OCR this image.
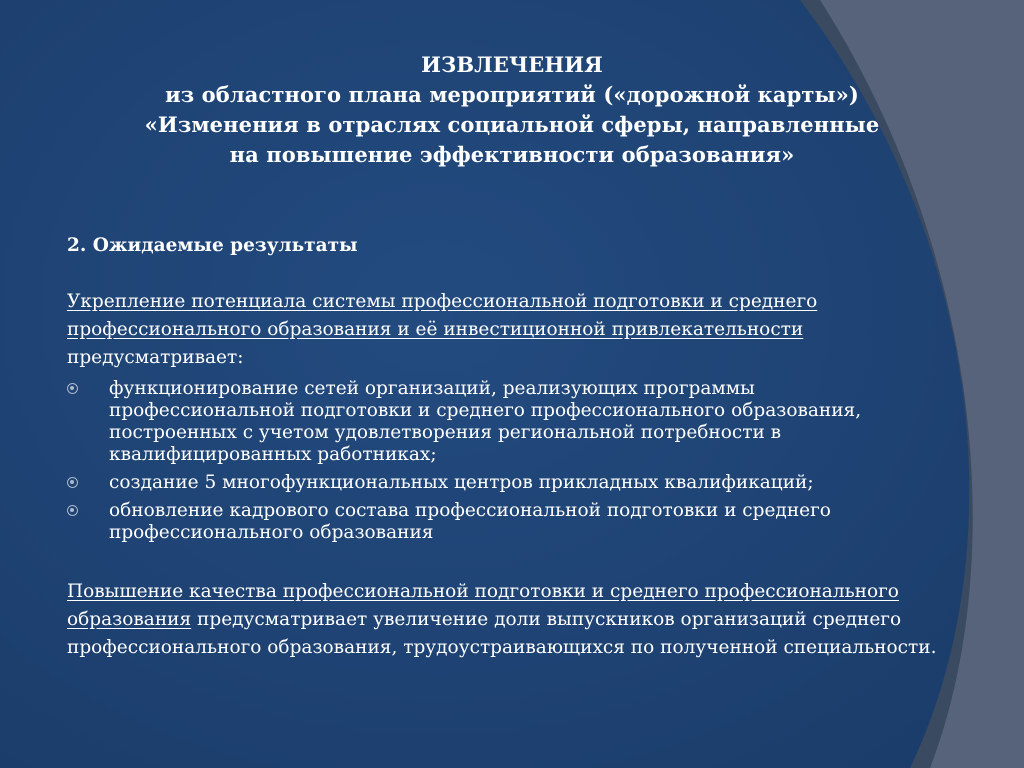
ИЗВЛЕЧЕНИЯ
из областного плана мероприятий («дорожной карты»)
«Изменения в отраслях социальной сферы, направленные
на повышение эффективности образования»

2. Ожидаемые результаты

Укрепление потенциала системы профессиональной подготовки и среднего профессионального образования и её инвестиционной привлекательности
предусматривает:

функционирование сетей организаций, реализующих программы профессиональной подготовки и среднего профессионального образования, построенных с учетом удовлетворения региональной потребности в квалифицированных работниках;
создание 5 многофункциональных центров прикладных квалификаций;
обновление кадрового состава профессиональной подготовки и среднего профессионального образования

Повышение качества профессиональной подготовки и среднего профессионального образования предусматривает увеличение доли выпускников организаций среднего профессионального образования, трудоустраивающихся по полученной специальности.
